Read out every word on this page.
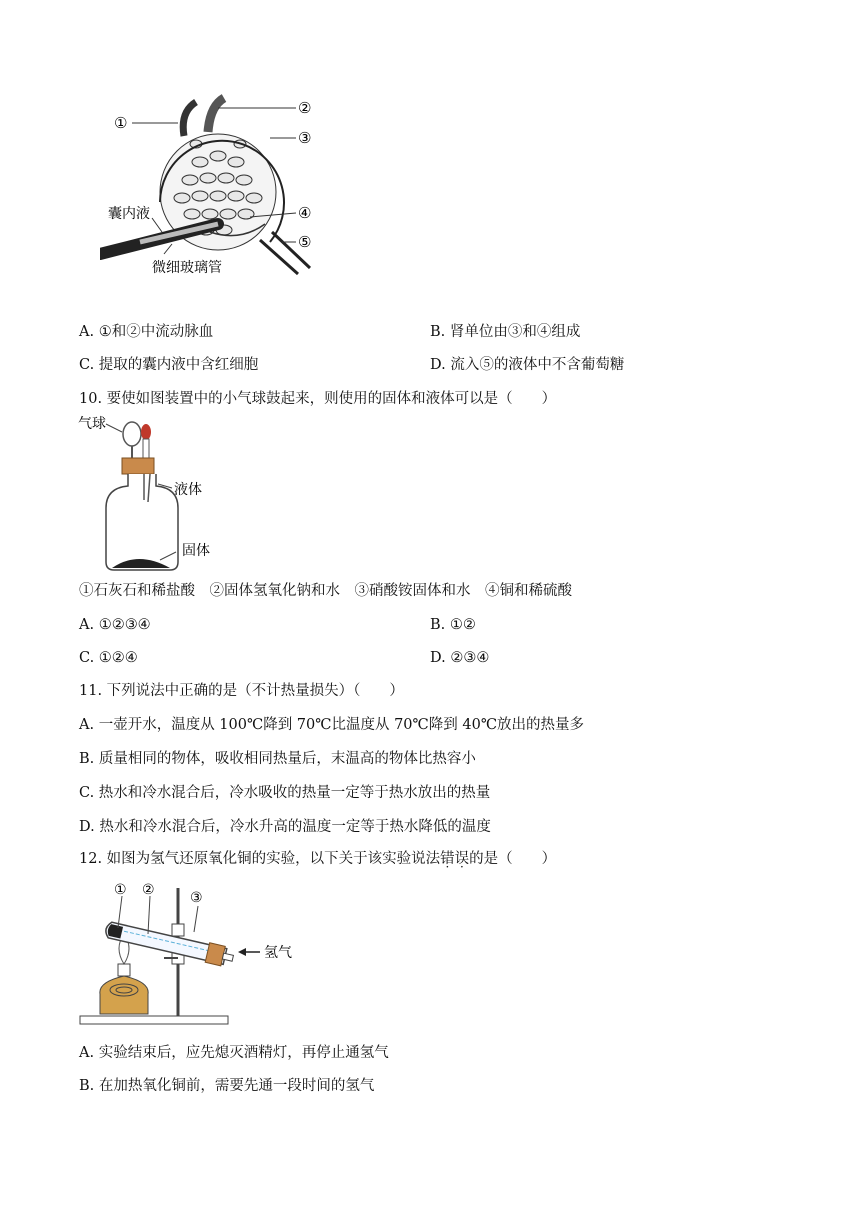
①
②
③
④
⑤
囊内液
微细玻璃管
A. ①和②中流动脉血	B. 肾单位由③和④组成
C. 提取的囊内液中含红细胞	D. 流入⑤的液体中不含葡萄糖
10. 要使如图装置中的小气球鼓起来，则使用的固体和液体可以是（　　）
气球
液体
固体
①石灰石和稀盐酸　②固体氢氧化钠和水　③硝酸铵固体和水　④铜和稀硫酸
A. ①②③④	B. ①②
C. ①②④	D. ②③④
11. 下列说法中正确的是（不计热量损失）（　　）
A. 一壶开水，温度从 100℃降到 70℃比温度从 70℃降到 40℃放出的热量多
B. 质量相同的物体，吸收相同热量后，末温高的物体比热容小
C. 热水和冷水混合后，冷水吸收的热量一定等于热水放出的热量
D. 热水和冷水混合后，冷水升高的温度一定等于热水降低的温度
12. 如图为氢气还原氧化铜的实验，以下关于该实验说法错误的是（　　）
① ②	③
氢气
A. 实验结束后，应先熄灭酒精灯，再停止通氢气
B. 在加热氧化铜前，需要先通一段时间的氢气
